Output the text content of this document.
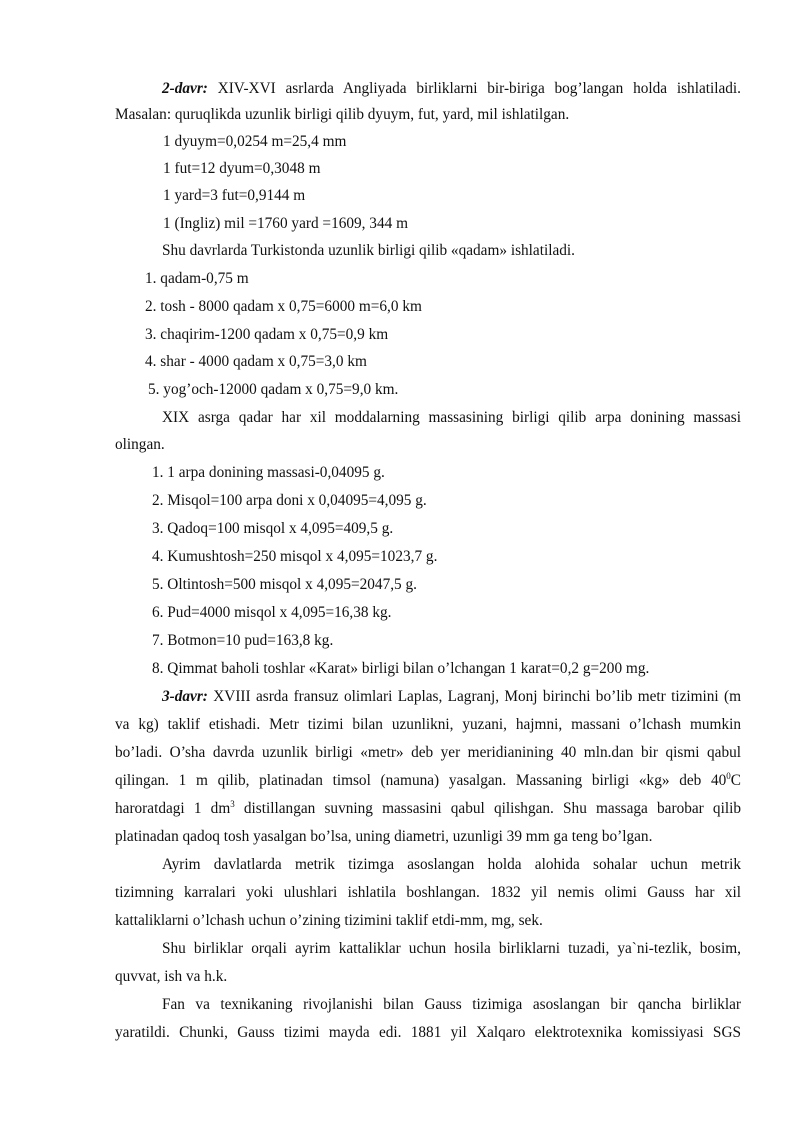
2-davr: XIV-XVI asrlarda Angliyada birliklarni bir-biriga bog’langan holda ishlatiladi.
Masalan: quruqlikda uzunlik birligi qilib dyuym, fut, yard, mil ishlatilgan.
1 dyuym=0,0254 m=25,4 mm
1 fut=12 dyum=0,3048 m
1 yard=3 fut=0,9144 m
1 (Ingliz) mil =1760 yard =1609, 344 m
Shu davrlarda Turkistonda uzunlik birligi qilib «qadam» ishlatiladi.
1. qadam-0,75 m
2. tosh - 8000 qadam x 0,75=6000 m=6,0 km
3. chaqirim-1200 qadam x 0,75=0,9 km
4. shar - 4000 qadam x 0,75=3,0 km
5. yog’och-12000 qadam x 0,75=9,0 km.
XIX asrga qadar har xil moddalarning massasining birligi qilib arpa donining massasi
olingan.
1. 1 arpa donining massasi-0,04095 g.
2. Misqol=100 arpa doni x 0,04095=4,095 g.
3. Qadoq=100 misqol x 4,095=409,5 g.
4. Kumushtosh=250 misqol x 4,095=1023,7 g.
5. Oltintosh=500 misqol x 4,095=2047,5 g.
6. Pud=4000 misqol x 4,095=16,38 kg.
7. Botmon=10 pud=163,8 kg.
8. Qimmat baholi toshlar «Karat» birligi bilan o’lchangan 1 karat=0,2 g=200 mg.
3-davr: XVIII asrda fransuz olimlari Laplas, Lagranj, Monj birinchi bo’lib metr tizimini (m
va kg) taklif etishadi. Metr tizimi bilan uzunlikni, yuzani, hajmni, massani o’lchash mumkin
bo’ladi. O’sha davrda uzunlik birligi «metr» deb yer meridianining 40 mln.dan bir qismi qabul
qilingan. 1 m qilib, platinadan timsol (namuna) yasalgan. Massaning birligi «kg» deb $40^0C$
haroratdagi 1 $dm^3$ distillangan suvning massasini qabul qilishgan. Shu massaga barobar qilib
platinadan qadoq tosh yasalgan bo’lsa, uning diametri, uzunligi 39 mm ga teng bo’lgan.
Ayrim davlatlarda metrik tizimga asoslangan holda alohida sohalar uchun metrik
tizimning karralari yoki ulushlari ishlatila boshlangan. 1832 yil nemis olimi Gauss har xil
kattaliklarni o’lchash uchun o’zining tizimini taklif etdi-mm, mg, sek.
Shu birliklar orqali ayrim kattaliklar uchun hosila birliklarni tuzadi, ya`ni-tezlik, bosim,
quvvat, ish va h.k.
Fan va texnikaning rivojlanishi bilan Gauss tizimiga asoslangan bir qancha birliklar
yaratildi. Chunki, Gauss tizimi mayda edi. 1881 yil Xalqaro elektrotexnika komissiyasi SGS
